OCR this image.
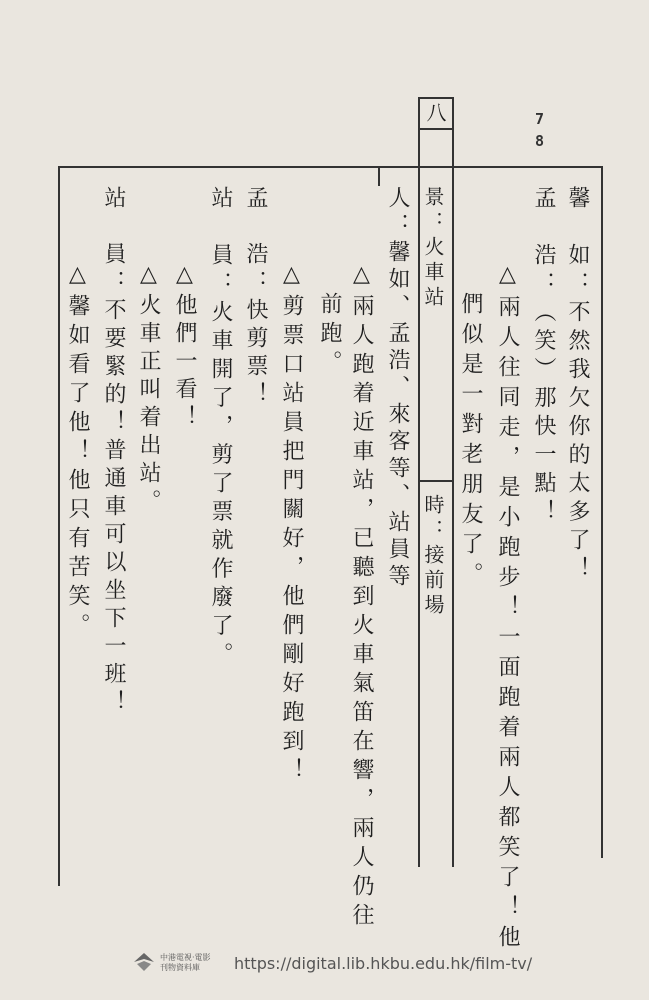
7
8
八
景：火車站
時：接前場	馨　如：不然我欠你的太多了！
孟　浩：（笑）那快一點！
△兩人往同走，是小跑步！一面跑着兩人都笑了！他
們似是一對老朋友了。
人：馨如、孟浩、來客等、站員等
△兩人跑着近車站，已聽到火車氣笛在響，兩人仍往
前跑。
△剪票口站員把門關好，他們剛好跑到！
孟　浩：快剪票！
站　員：火車開了，剪了票就作廢了。
△他們一看！
△火車正叫着出站。
站　員：不要緊的！普通車可以坐下一班！
△馨如看了他！他只有苦笑。
中港電視·電影
刊物資料庫	https://digital.lib.hkbu.edu.hk/film-tv/
